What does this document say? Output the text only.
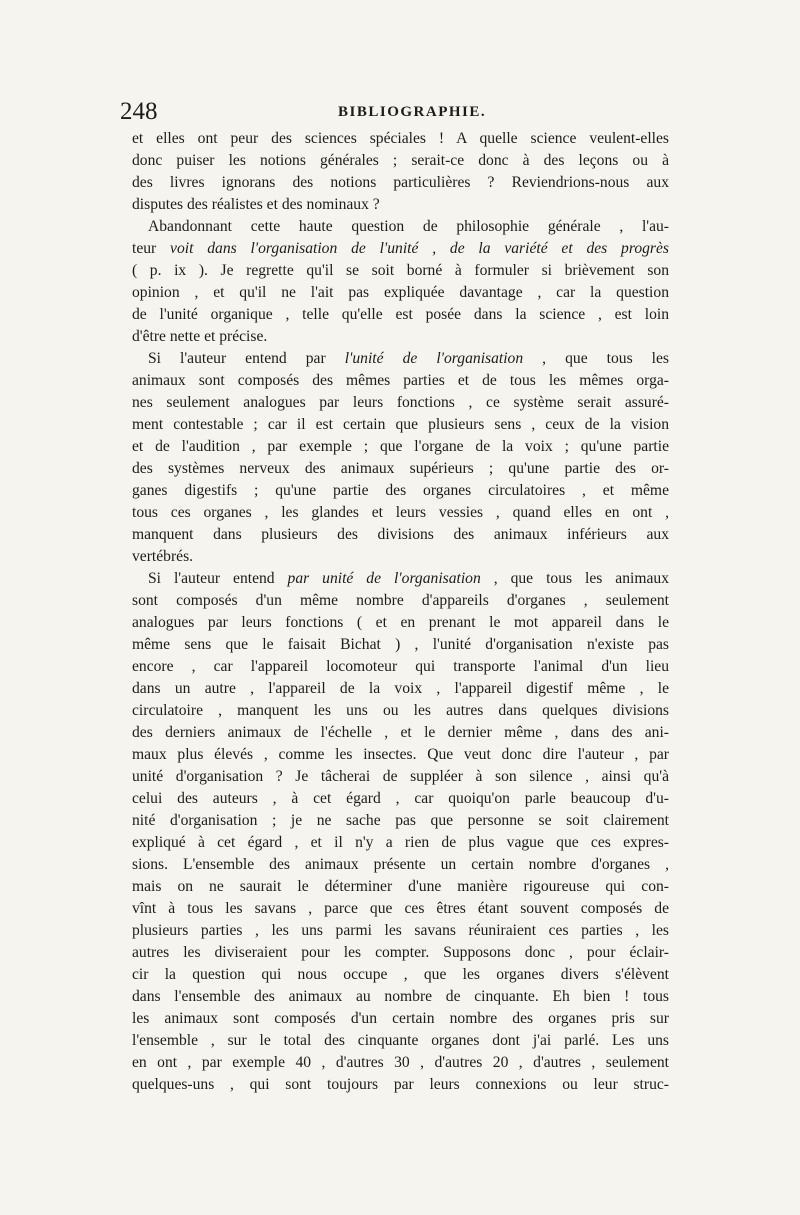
248	BIBLIOGRAPHIE.
et elles ont peur des sciences spéciales ! A quelle science veulent-elles
donc puiser les notions générales ; serait-ce donc à des leçons ou à
des livres ignorans des notions particulières ? Reviendrions-nous aux
disputes des réalistes et des nominaux ?
Abandonnant cette haute question de philosophie générale , l'au-
teur voit dans l'organisation de l'unité , de la variété et des progrès
( p. ix ). Je regrette qu'il se soit borné à formuler si brièvement son
opinion , et qu'il ne l'ait pas expliquée davantage , car la question
de l'unité organique , telle qu'elle est posée dans la science , est loin
d'être nette et précise.
Si l'auteur entend par l'unité de l'organisation , que tous les
animaux sont composés des mêmes parties et de tous les mêmes orga-
nes seulement analogues par leurs fonctions , ce système serait assuré-
ment contestable ; car il est certain que plusieurs sens , ceux de la vision
et de l'audition , par exemple ; que l'organe de la voix ; qu'une partie
des systèmes nerveux des animaux supérieurs ; qu'une partie des or-
ganes digestifs ; qu'une partie des organes circulatoires , et même
tous ces organes , les glandes et leurs vessies , quand elles en ont ,
manquent dans plusieurs des divisions des animaux inférieurs aux
vertébrés.
Si l'auteur entend par unité de l'organisation , que tous les animaux
sont composés d'un même nombre d'appareils d'organes , seulement
analogues par leurs fonctions ( et en prenant le mot appareil dans le
même sens que le faisait Bichat ) , l'unité d'organisation n'existe pas
encore , car l'appareil locomoteur qui transporte l'animal d'un lieu
dans un autre , l'appareil de la voix , l'appareil digestif même , le
circulatoire , manquent les uns ou les autres dans quelques divisions
des derniers animaux de l'échelle , et le dernier même , dans des ani-
maux plus élevés , comme les insectes. Que veut donc dire l'auteur , par
unité d'organisation ? Je tâcherai de suppléer à son silence , ainsi qu'à
celui des auteurs , à cet égard , car quoiqu'on parle beaucoup d'u-
nité d'organisation ; je ne sache pas que personne se soit clairement
expliqué à cet égard , et il n'y a rien de plus vague que ces expres-
sions. L'ensemble des animaux présente un certain nombre d'organes ,
mais on ne saurait le déterminer d'une manière rigoureuse qui con-
vînt à tous les savans , parce que ces êtres étant souvent composés de
plusieurs parties , les uns parmi les savans réuniraient ces parties , les
autres les diviseraient pour les compter. Supposons donc , pour éclair-
cir la question qui nous occupe , que les organes divers s'élèvent
dans l'ensemble des animaux au nombre de cinquante. Eh bien ! tous
les animaux sont composés d'un certain nombre des organes pris sur
l'ensemble , sur le total des cinquante organes dont j'ai parlé. Les uns
en ont , par exemple 40 , d'autres 30 , d'autres 20 , d'autres , seulement
quelques-uns , qui sont toujours par leurs connexions ou leur struc-
